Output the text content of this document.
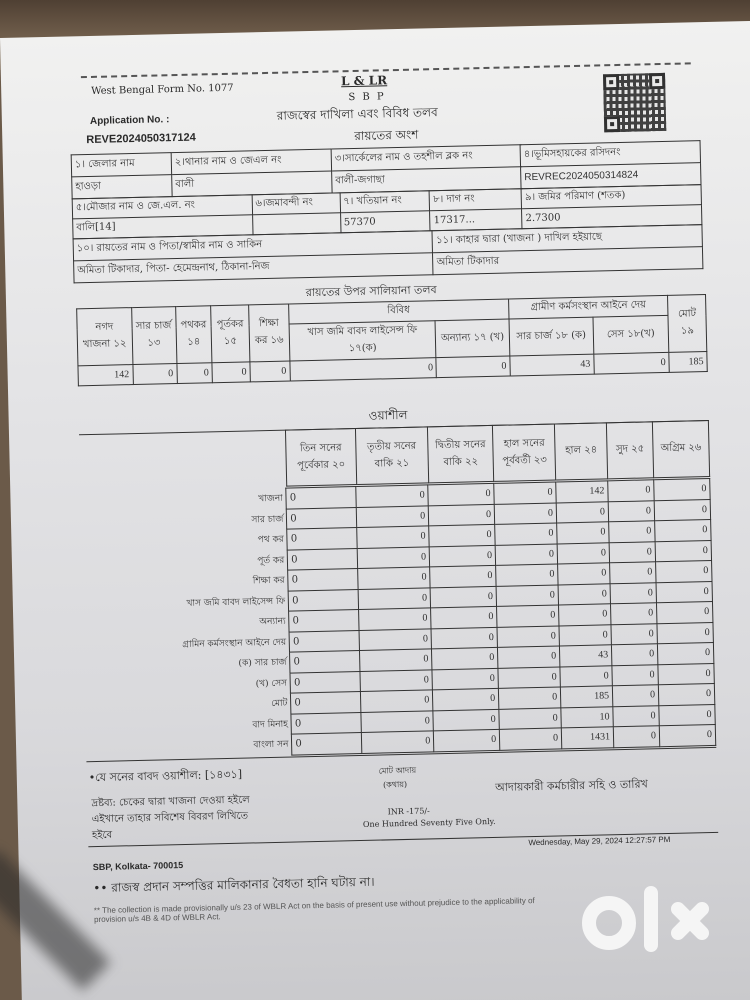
West Bengal Form No. 1077
L & LR
S B P
রাজস্বের দাখিলা এবং বিবিধ তলব
Application No. :
REVE2024050317124	রায়তের অংশ
১। জেলার নাম	২।থানার নাম ও জেএল নং	৩।সার্কেলের নাম ও তহশীল ব্লক নং	৪।ভূমিসহায়কের রসিদনং
হাওড়া	বালী	বালী-জগাছা	REVREC2024050314824
৫।মৌজার নাম ও জে.এল. নং	৬।জমাবন্দী নং	৭। খতিয়ান নং	৮। দাগ নং	৯। জমির পরিমাণ (শতক)
বালি[14]		57370	17317...	2.7300
১০। রায়তের নাম ও পিতা/স্বামীর নাম ও সাকিন	১১। কাহার দ্বারা (খাজনা ) দাখিল হইয়াছে
অমিতা টিকাদার, পিতা- হেমেন্দ্রনাথ, ঠিকানা-নিজ	অমিতা টিকাদার
রায়তের উপর সালিয়ানা তলব
নগদ খাজনা ১২	সার চার্জ ১৩	পথকর ১৪	পূর্তকর ১৫	শিক্ষা কর ১৬	বিবিধ		গ্রামীণ কর্মসংস্থান আইনে দেয়		মোট ১৯
					খাস জমি বাবদ লাইসেন্স ফি ১৭(ক)	অন্যান্য ১৭ (খ)	সার চার্জ ১৮ (ক)	সেস ১৮(খ)	
142	0	0	0	0	0	0	43	0	185
ওয়াশীল
তিন সনের পূর্বেকার ২০	তৃতীয় সনের বাকি ২১	দ্বিতীয় সনের বাকি ২২	হাল সনের পূর্ববর্তী ২৩	হাল ২৪	সুদ ২৫	অগ্রিম ২৬
খাজনা	0	0	0	0	142	0	0
সার চার্জ	0	0	0	0	0	0	0
পথ কর	0	0	0	0	0	0	0
পূর্ত কর	0	0	0	0	0	0	0
শিক্ষা কর	0	0	0	0	0	0	0
খাস জমি বাবদ লাইসেন্স ফি	0	0	0	0	0	0	0
অন্যান্য	0	0	0	0	0	0	0
গ্রামিন কর্মসংস্থান আইনে দেয়	0	0	0	0	0	0	0
(ক) সার চার্জ	0	0	0	0	43	0	0
(খ) সেস	0	0	0	0	0	0	0
মোট	0	0	0	0	185	0	0
বাদ মিনাহ	0	0	0	0	10	0	0
বাংলা সন	0	0	0	0	1431	0	0
•যে সনের বাবদ ওয়াশীল: [১৪৩১]	মোট আদায়
(কথায়)	আদায়কারী কর্মচারীর সহি ও তারিখ
দ্রষ্টব্য: চেকের দ্বারা খাজনা দেওয়া হইলে
এইখানে তাহার সবিশেষ বিবরণ লিখিতে
হইবে
INR -175/-
One Hundred Seventy Five Only.
SBP, Kolkata- 700015
Wednesday, May 29, 2024 12:27:57 PM
•• রাজস্ব প্রদান সম্পত্তির মালিকানার বৈধতা হানি ঘটায় না।
** The collection is made provisionally u/s 23 of WBLR Act on the basis of present use without prejudice to the applicability of
provision u/s 4B & 4D of WBLR Act.
